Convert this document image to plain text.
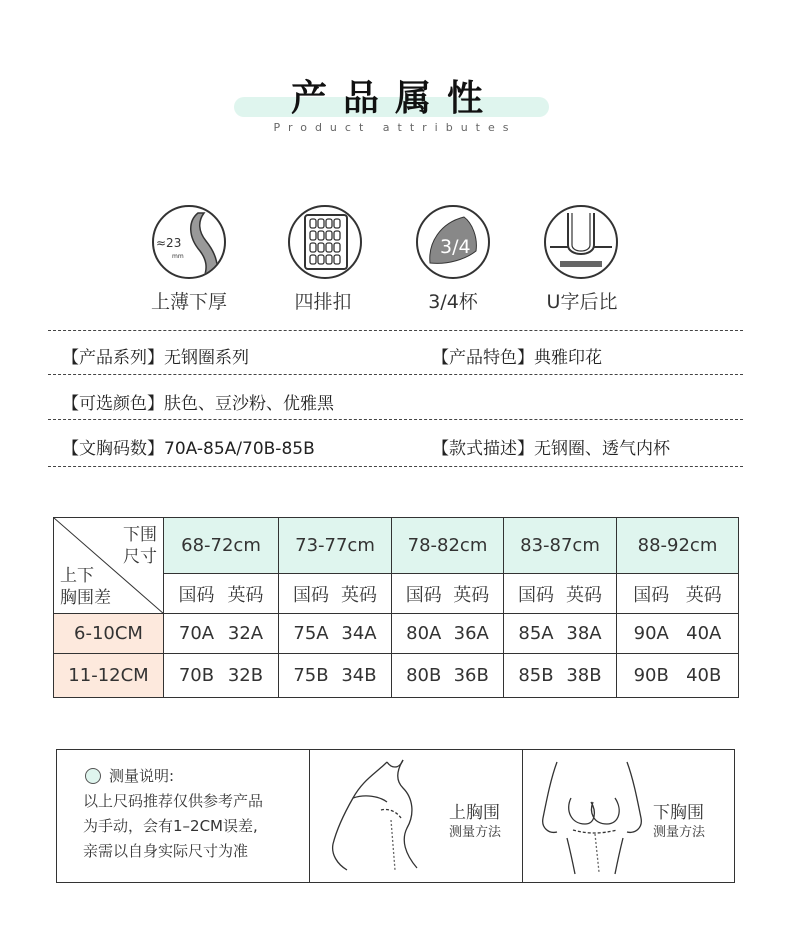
产品属性
Product attributes
≈23
mm	3/4
上薄下厚	四排扣	3/4杯	U字后比
【产品系列】无钢圈系列	【产品特色】典雅印花
【可选颜色】肤色、豆沙粉、优雅黑
【文胸码数】70A-85A/70B-85B	【款式描述】无钢圈、透气内杯
下围
尺寸
上下
胸围差	68-72cm	73-77cm	78-82cm	83-87cm	88-92cm

	国码 英码	国码 英码	国码 英码	国码 英码	国码 英码

6-10CM	70A 32A	75A 34A	80A 36A	85A 38A	90A 40A

11-12CM	70B 32B	75B 34B	80B 36B	85B 38B	90B 40B
测量说明:
以上尺码推荐仅供参考产品
为手动，会有1–2CM误差,
亲需以自身实际尺寸为准
上胸围
测量方法
下胸围
测量方法
